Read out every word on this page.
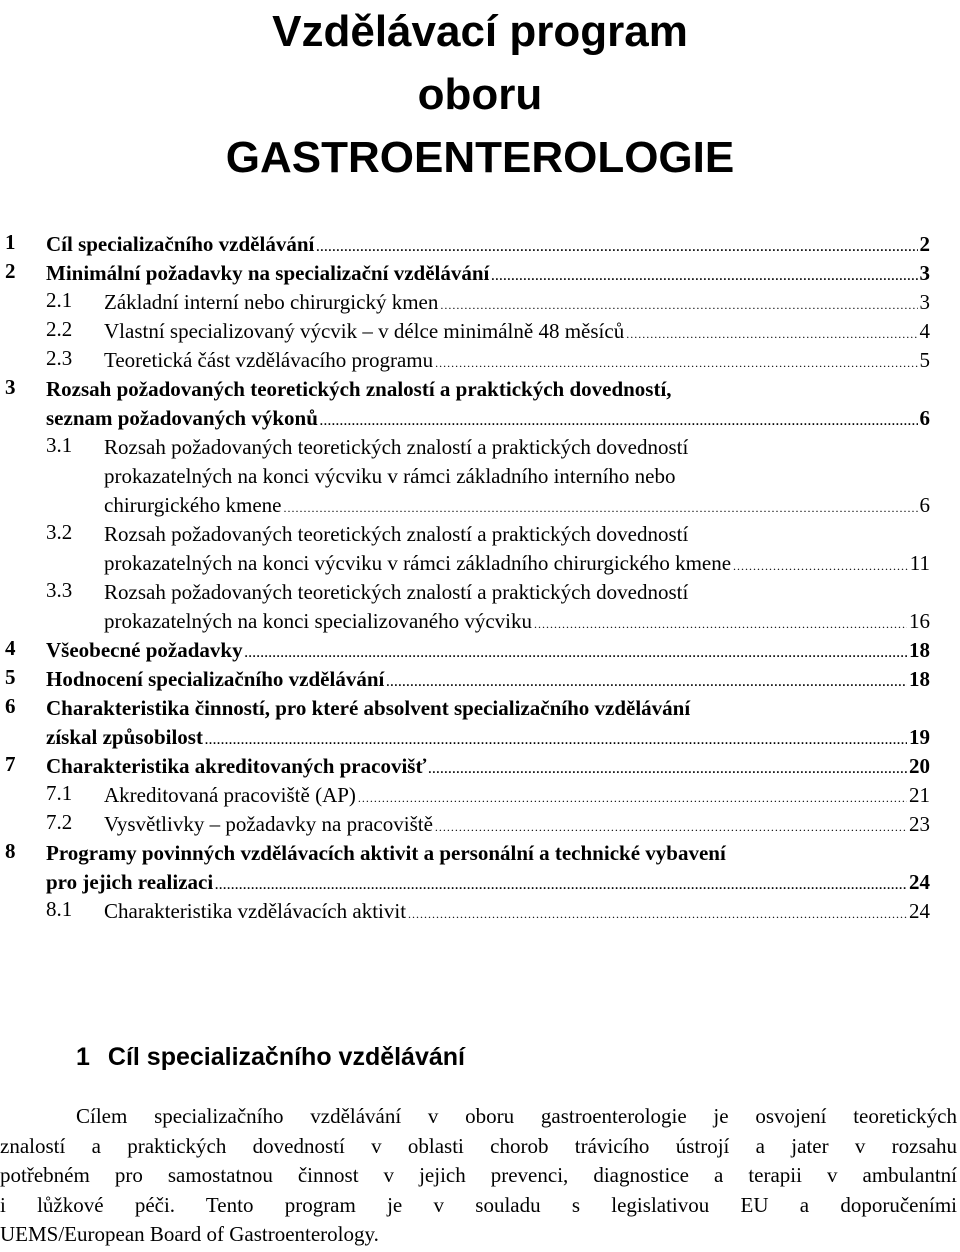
Vzdělávací program
oboru
GASTROENTEROLOGIE
1 Cíl specializačního vzdělávání .....	2
2 Minimální požadavky na specializační vzdělávání .....	3
2.1 Základní interní nebo chirurgický kmen .....	3
2.2 Vlastní specializovaný výcvik – v délce minimálně 48 měsíců .....	4
2.3 Teoretická část vzdělávacího programu .....	5
3 Rozsah požadovaných teoretických znalostí a praktických dovedností,
seznam požadovaných výkonů .....	6
3.1 Rozsah požadovaných teoretických znalostí a praktických dovedností
prokazatelných na konci výcviku v rámci základního interního nebo
chirurgického kmene .....	6
3.2 Rozsah požadovaných teoretických znalostí a praktických dovedností
prokazatelných na konci výcviku v rámci základního chirurgického kmene .....	11
3.3 Rozsah požadovaných teoretických znalostí a praktických dovedností
prokazatelných na konci specializovaného výcviku .....	16
4 Všeobecné požadavky .....	18
5 Hodnocení specializačního vzdělávání .....	18
6 Charakteristika činností, pro které absolvent specializačního vzdělávání
získal způsobilost .....	19
7 Charakteristika akreditovaných pracovišť .....	20
7.1 Akreditovaná pracoviště (AP) .....	21
7.2 Vysvětlivky – požadavky na pracoviště .....	23
8 Programy povinných vzdělávacích aktivit a personální a technické vybavení
pro jejich realizaci .....	24
8.1 Charakteristika vzdělávacích aktivit .....	24
1 Cíl specializačního vzdělávání

Cílem specializačního vzdělávání v oboru gastroenterologie je osvojení teoretických
znalostí a praktických dovedností v oblasti chorob trávicího ústrojí a jater v rozsahu
potřebném pro samostatnou činnost v jejich prevenci, diagnostice a terapii v ambulantní
i lůžkové péči. Tento program je v souladu s legislativou EU a doporučeními
UEMS/European Board of Gastroenterology.
